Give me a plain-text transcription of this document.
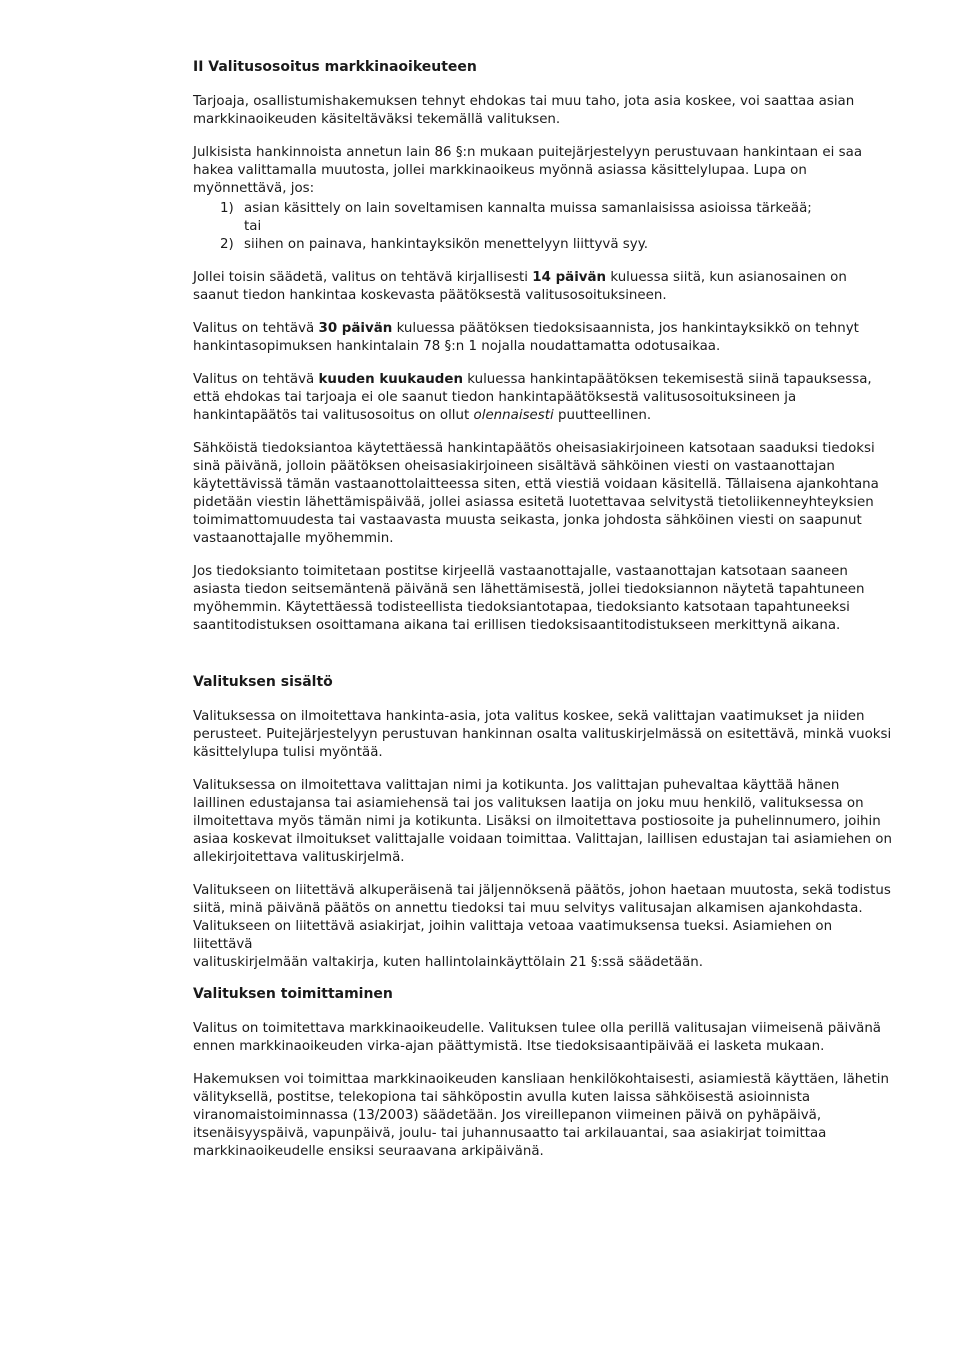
II Valitusosoitus markkinaoikeuteen

Tarjoaja, osallistumishakemuksen tehnyt ehdokas tai muu taho, jota asia koskee, voi saattaa asian markkinaoikeuden käsiteltäväksi tekemällä valituksen.

Julkisista hankinnoista annetun lain 86 §:n mukaan puitejärjestelyyn perustuvaan hankintaan ei saa hakea valittamalla muutosta, jollei markkinaoikeus myönnä asiassa käsittelylupaa. Lupa on myönnettävä, jos:

1) asian käsittely on lain soveltamisen kannalta muissa samanlaisissa asioissa tärkeää;
tai
2) siihen on painava, hankintayksikön menettelyyn liittyvä syy.

Jollei toisin säädetä, valitus on tehtävä kirjallisesti 14 päivän kuluessa siitä, kun asianosainen on saanut tiedon hankintaa koskevasta päätöksestä valitusosoituksineen.

Valitus on tehtävä 30 päivän kuluessa päätöksen tiedoksisaannista, jos hankintayksikkö on tehnyt hankintasopimuksen hankintalain 78 §:n 1 nojalla noudattamatta odotusaikaa.

Valitus on tehtävä kuuden kuukauden kuluessa hankintapäätöksen tekemisestä siinä tapauksessa, että ehdokas tai tarjoaja ei ole saanut tiedon hankintapäätöksestä valitusosoituksineen ja hankintapäätös tai valitusosoitus on ollut olennaisesti puutteellinen.

Sähköistä tiedoksiantoa käytettäessä hankintapäätös oheisasiakirjoineen katsotaan saaduksi tiedoksi sinä päivänä, jolloin päätöksen oheisasiakirjoineen sisältävä sähköinen viesti on vastaanottajan käytettävissä tämän vastaanottolaitteessa siten, että viestiä voidaan käsitellä. Tällaisena ajankohtana pidetään viestin lähettämispäivää, jollei asiassa esitetä luotettavaa selvitystä tietoliikenneyhteyksien toimimattomuudesta tai vastaavasta muusta seikasta, jonka johdosta sähköinen viesti on saapunut vastaanottajalle myöhemmin.

Jos tiedoksianto toimitetaan postitse kirjeellä vastaanottajalle, vastaanottajan katsotaan saaneen asiasta tiedon seitsemäntenä päivänä sen lähettämisestä, jollei tiedoksiannon näytetä tapahtuneen myöhemmin. Käytettäessä todisteellista tiedoksiantotapaa, tiedoksianto katsotaan tapahtuneeksi saantitodistuksen osoittamana aikana tai erillisen tiedoksisaantitodistukseen merkittynä aikana.

Valituksen sisältö

Valituksessa on ilmoitettava hankinta-asia, jota valitus koskee, sekä valittajan vaatimukset ja niiden perusteet. Puitejärjestelyyn perustuvan hankinnan osalta valituskirjelmässä on esitettävä, minkä vuoksi käsittelylupa tulisi myöntää.

Valituksessa on ilmoitettava valittajan nimi ja kotikunta. Jos valittajan puhevaltaa käyttää hänen laillinen edustajansa tai asiamiehensä tai jos valituksen laatija on joku muu henkilö, valituksessa on ilmoitettava myös tämän nimi ja kotikunta. Lisäksi on ilmoitettava postiosoite ja puhelinnumero, joihin asiaa koskevat ilmoitukset valittajalle voidaan toimittaa. Valittajan, laillisen edustajan tai asiamiehen on allekirjoitettava valituskirjelmä.

Valitukseen on liitettävä alkuperäisenä tai jäljennöksenä päätös, johon haetaan muutosta, sekä todistus siitä, minä päivänä päätös on annettu tiedoksi tai muu selvitys valitusajan alkamisen ajankohdasta. Valitukseen on liitettävä asiakirjat, joihin valittaja vetoaa vaatimuksensa tueksi. Asiamiehen on liitettävä
valituskirjelmään valtakirja, kuten hallintolainkäyttölain 21 §:ssä säädetään.

Valituksen toimittaminen

Valitus on toimitettava markkinaoikeudelle. Valituksen tulee olla perillä valitusajan viimeisenä päivänä ennen markkinaoikeuden virka-ajan päättymistä. Itse tiedoksisaantipäivää ei lasketa mukaan.

Hakemuksen voi toimittaa markkinaoikeuden kansliaan henkilökohtaisesti, asiamiestä käyttäen, lähetin välityksellä, postitse, telekopiona tai sähköpostin avulla kuten laissa sähköisestä asioinnista viranomaistoiminnassa (13/2003) säädetään. Jos vireillepanon viimeinen päivä on pyhäpäivä, itsenäisyyspäivä, vapunpäivä, joulu- tai juhannusaatto tai arkilauantai, saa asiakirjat toimittaa markkinaoikeudelle ensiksi seuraavana arkipäivänä.
